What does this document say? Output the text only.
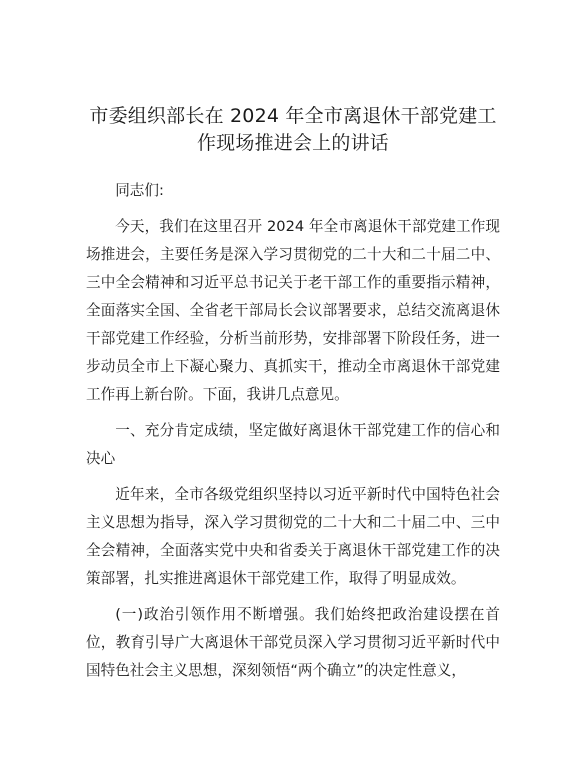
市委组织部长在 2024 年全市离退休干部党建工作现场推进会上的讲话

同志们:

今天，我们在这里召开 2024 年全市离退休干部党建工作现场推进会，主要任务是深入学习贯彻党的二十大和二十届二中、三中全会精神和习近平总书记关于老干部工作的重要指示精神，全面落实全国、全省老干部局长会议部署要求，总结交流离退休干部党建工作经验，分析当前形势，安排部署下阶段任务，进一步动员全市上下凝心聚力、真抓实干，推动全市离退休干部党建工作再上新台阶。下面，我讲几点意见。

一、充分肯定成绩，坚定做好离退休干部党建工作的信心和决心

近年来，全市各级党组织坚持以习近平新时代中国特色社会主义思想为指导，深入学习贯彻党的二十大和二十届二中、三中全会精神，全面落实党中央和省委关于离退休干部党建工作的决策部署，扎实推进离退休干部党建工作，取得了明显成效。

(一)政治引领作用不断增强。我们始终把政治建设摆在首位，教育引导广大离退休干部党员深入学习贯彻习近平新时代中国特色社会主义思想，深刻领悟“两个确立”的决定性意义，
